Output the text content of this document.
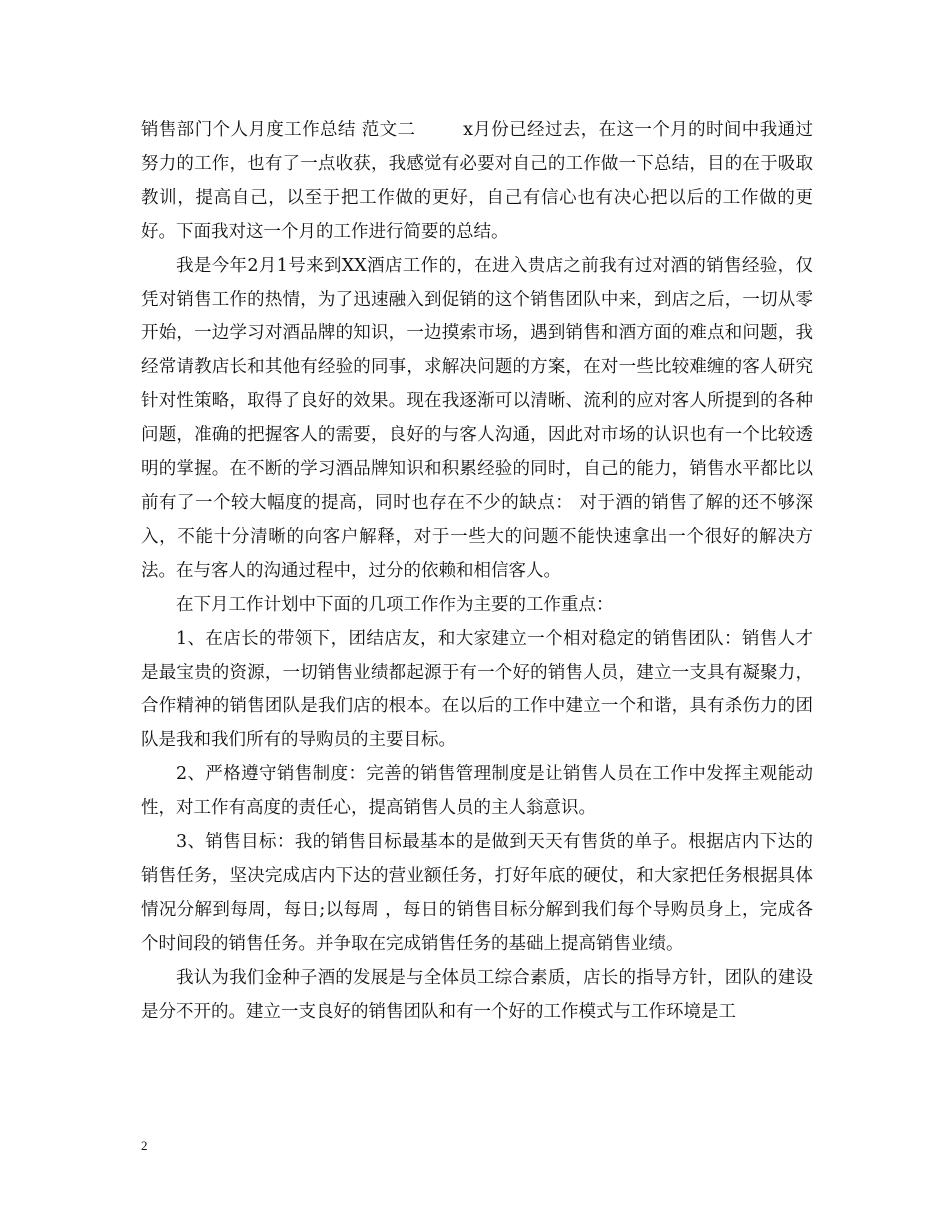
销售部门个人月度工作总结 范文二	x月份已经过去，在这一个月的时间中我通过努力的工作，也有了一点收获，我感觉有必要对自己的工作做一下总结，目的在于吸取教训，提高自己，以至于把工作做的更好，自己有信心也有决心把以后的工作做的更好。下面我对这一个月的工作进行简要的总结。

我是今年2月1号来到XX酒店工作的，在进入贵店之前我有过对酒的销售经验，仅凭对销售工作的热情，为了迅速融入到促销的这个销售团队中来，到店之后，一切从零开始，一边学习对酒品牌的知识，一边摸索市场，遇到销售和酒方面的难点和问题，我经常请教店长和其他有经验的同事，求解决问题的方案，在对一些比较难缠的客人研究针对性策略，取得了良好的效果。现在我逐渐可以清晰、流利的应对客人所提到的各种问题，准确的把握客人的需要，良好的与客人沟通，因此对市场的认识也有一个比较透明的掌握。在不断的学习酒品牌知识和积累经验的同时，自己的能力，销售水平都比以前有了一个较大幅度的提高，同时也存在不少的缺点： 对于酒的销售了解的还不够深入，不能十分清晰的向客户解释，对于一些大的问题不能快速拿出一个很好的解决方法。在与客人的沟通过程中，过分的依赖和相信客人。

在下月工作计划中下面的几项工作作为主要的工作重点：

1、在店长的带领下，团结店友，和大家建立一个相对稳定的销售团队：销售人才是最宝贵的资源，一切销售业绩都起源于有一个好的销售人员，建立一支具有凝聚力，合作精神的销售团队是我们店的根本。在以后的工作中建立一个和谐，具有杀伤力的团队是我和我们所有的导购员的主要目标。

2、严格遵守销售制度：完善的销售管理制度是让销售人员在工作中发挥主观能动性，对工作有高度的责任心，提高销售人员的主人翁意识。

3、销售目标：我的销售目标最基本的是做到天天有售货的单子。根据店内下达的销售任务，坚决完成店内下达的营业额任务，打好年底的硬仗，和大家把任务根据具体情况分解到每周，每日;以每周 ，每日的销售目标分解到我们每个导购员身上，完成各个时间段的销售任务。并争取在完成销售任务的基础上提高销售业绩。

我认为我们金种子酒的发展是与全体员工综合素质，店长的指导方针，团队的建设是分不开的。建立一支良好的销售团队和有一个好的工作模式与工作环境是工

2
